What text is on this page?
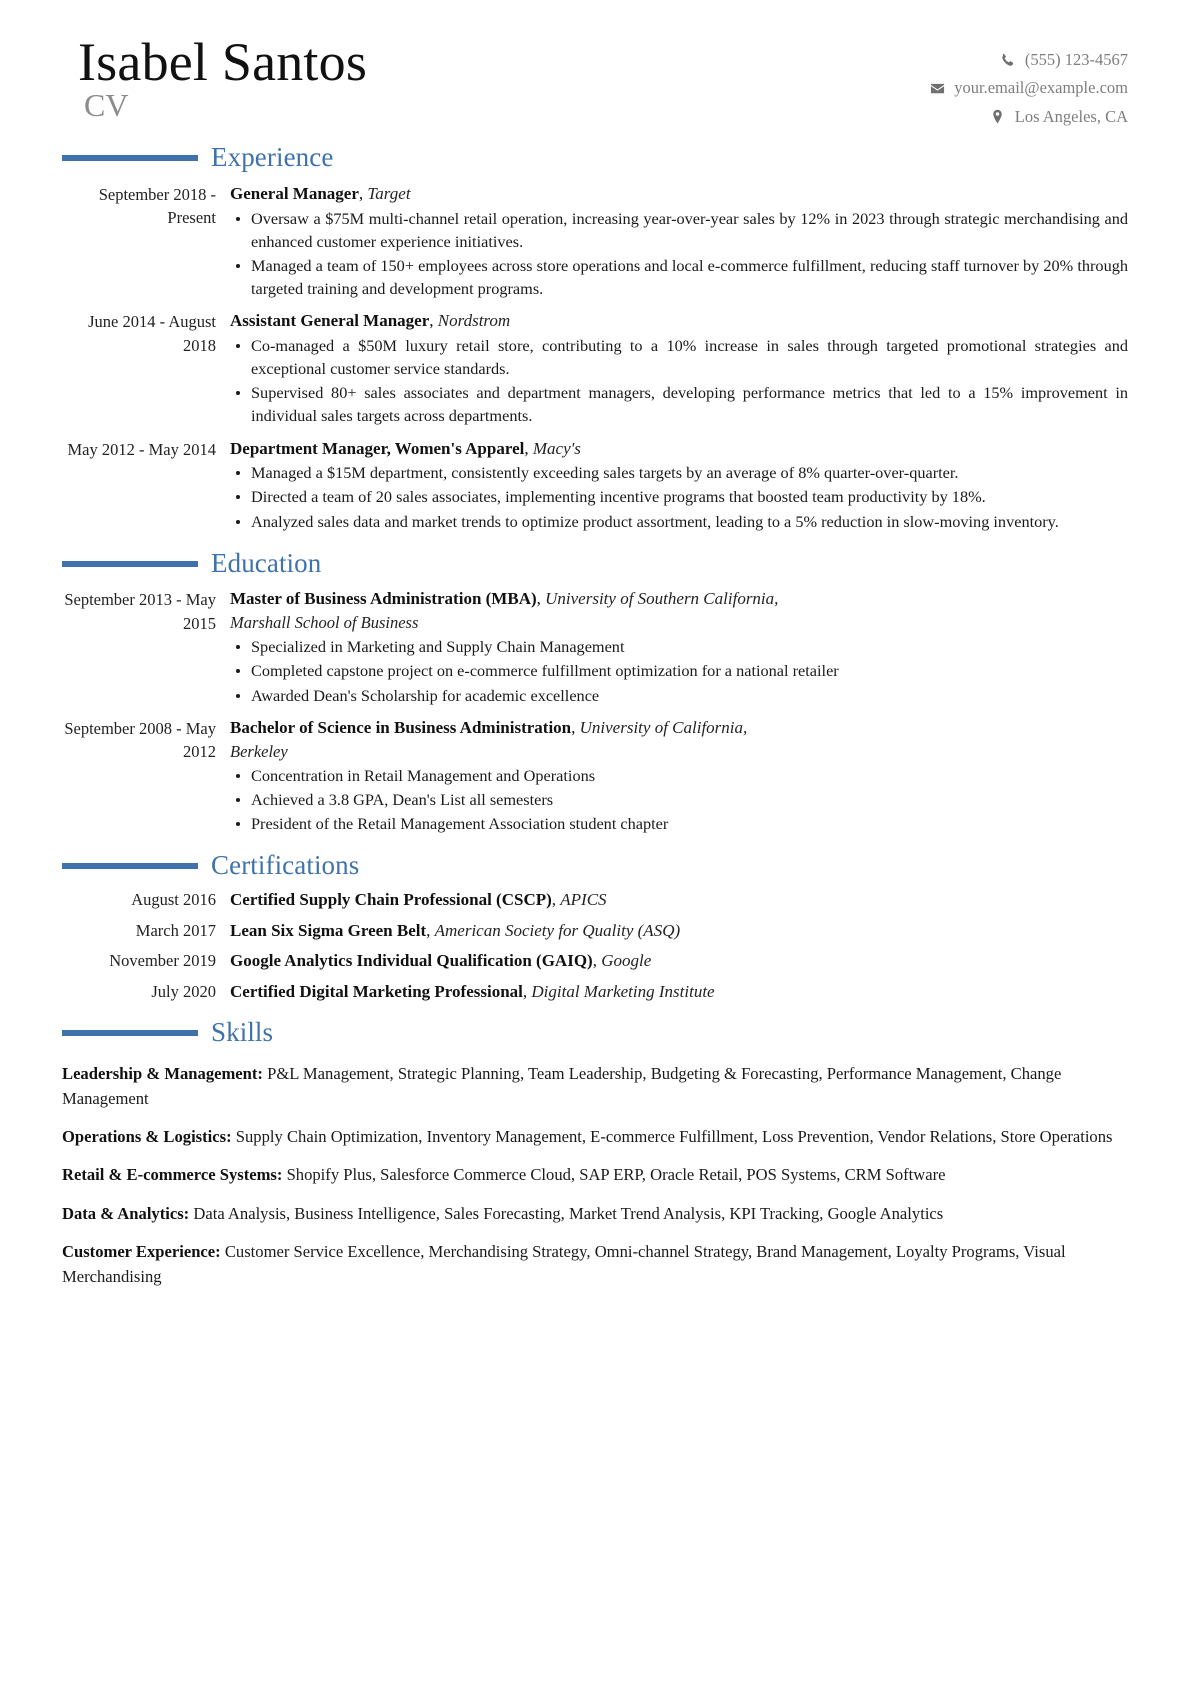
Isabel Santos
CV
(555) 123-4567
your.email@example.com
Los Angeles, CA
Experience
September 2018 - Present
General Manager, Target
Oversaw a $75M multi-channel retail operation, increasing year-over-year sales by 12% in 2023 through strategic merchandising and enhanced customer experience initiatives.
Managed a team of 150+ employees across store operations and local e-commerce fulfillment, reducing staff turnover by 20% through targeted training and development programs.
June 2014 - August 2018
Assistant General Manager, Nordstrom
Co-managed a $50M luxury retail store, contributing to a 10% increase in sales through targeted promotional strategies and exceptional customer service standards.
Supervised 80+ sales associates and department managers, developing performance metrics that led to a 15% improvement in individual sales targets across departments.
May 2012 - May 2014 Department Manager, Women's Apparel, Macy's
Managed a $15M department, consistently exceeding sales targets by an average of 8% quarter-over-quarter.
Directed a team of 20 sales associates, implementing incentive programs that boosted team productivity by 18%.
Analyzed sales data and market trends to optimize product assortment, leading to a 5% reduction in slow-moving inventory.
Education
September 2013 - May 2015
Master of Business Administration (MBA), University of Southern California,
Marshall School of Business
Specialized in Marketing and Supply Chain Management
Completed capstone project on e-commerce fulfillment optimization for a national retailer
Awarded Dean's Scholarship for academic excellence
September 2008 - May 2012
Bachelor of Science in Business Administration, University of California,
Berkeley
Concentration in Retail Management and Operations
Achieved a 3.8 GPA, Dean's List all semesters
President of the Retail Management Association student chapter
Certifications
August 2016 Certified Supply Chain Professional (CSCP), APICS
March 2017 Lean Six Sigma Green Belt, American Society for Quality (ASQ)
November 2019 Google Analytics Individual Qualification (GAIQ), Google
July 2020 Certified Digital Marketing Professional, Digital Marketing Institute
Skills
Leadership & Management: P&L Management, Strategic Planning, Team Leadership, Budgeting & Forecasting, Performance Management, Change Management
Operations & Logistics: Supply Chain Optimization, Inventory Management, E-commerce Fulfillment, Loss Prevention, Vendor Relations, Store Operations
Retail & E-commerce Systems: Shopify Plus, Salesforce Commerce Cloud, SAP ERP, Oracle Retail, POS Systems, CRM Software
Data & Analytics: Data Analysis, Business Intelligence, Sales Forecasting, Market Trend Analysis, KPI Tracking, Google Analytics
Customer Experience: Customer Service Excellence, Merchandising Strategy, Omni-channel Strategy, Brand Management, Loyalty Programs, Visual Merchandising
